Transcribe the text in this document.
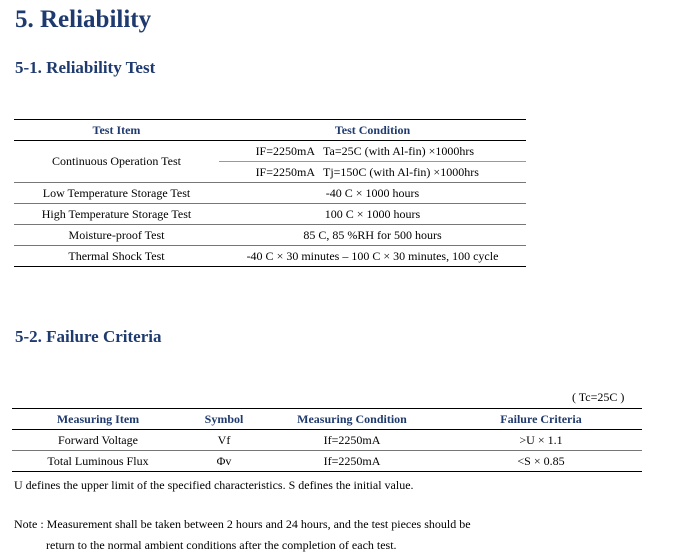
5. Reliability
5-1. Reliability Test
Test Item	Test Condition	
Continuous Operation Test	IF=2250mA	Ta=25C (with Al-fin) ×1000hrs
	IF=2250mA	Tj=150C (with Al-fin) ×1000hrs
Low Temperature Storage Test	-40 C × 1000 hours	
High Temperature Storage Test	100 C × 1000 hours	
Moisture-proof Test	85 C, 85 %RH for 500 hours	
Thermal Shock Test	-40 C × 30 minutes – 100 C × 30 minutes, 100 cycle	
5-2. Failure Criteria
( Tc=25C )
Measuring Item	Symbol	Measuring Condition	Failure Criteria
Forward Voltage	Vf	If=2250mA	>U × 1.1
Total Luminous Flux	Φv	If=2250mA	<S × 0.85
U defines the upper limit of the specified characteristics. S defines the initial value.
Note : Measurement shall be taken between 2 hours and 24 hours, and the test pieces should be
return to the normal ambient conditions after the completion of each test.
